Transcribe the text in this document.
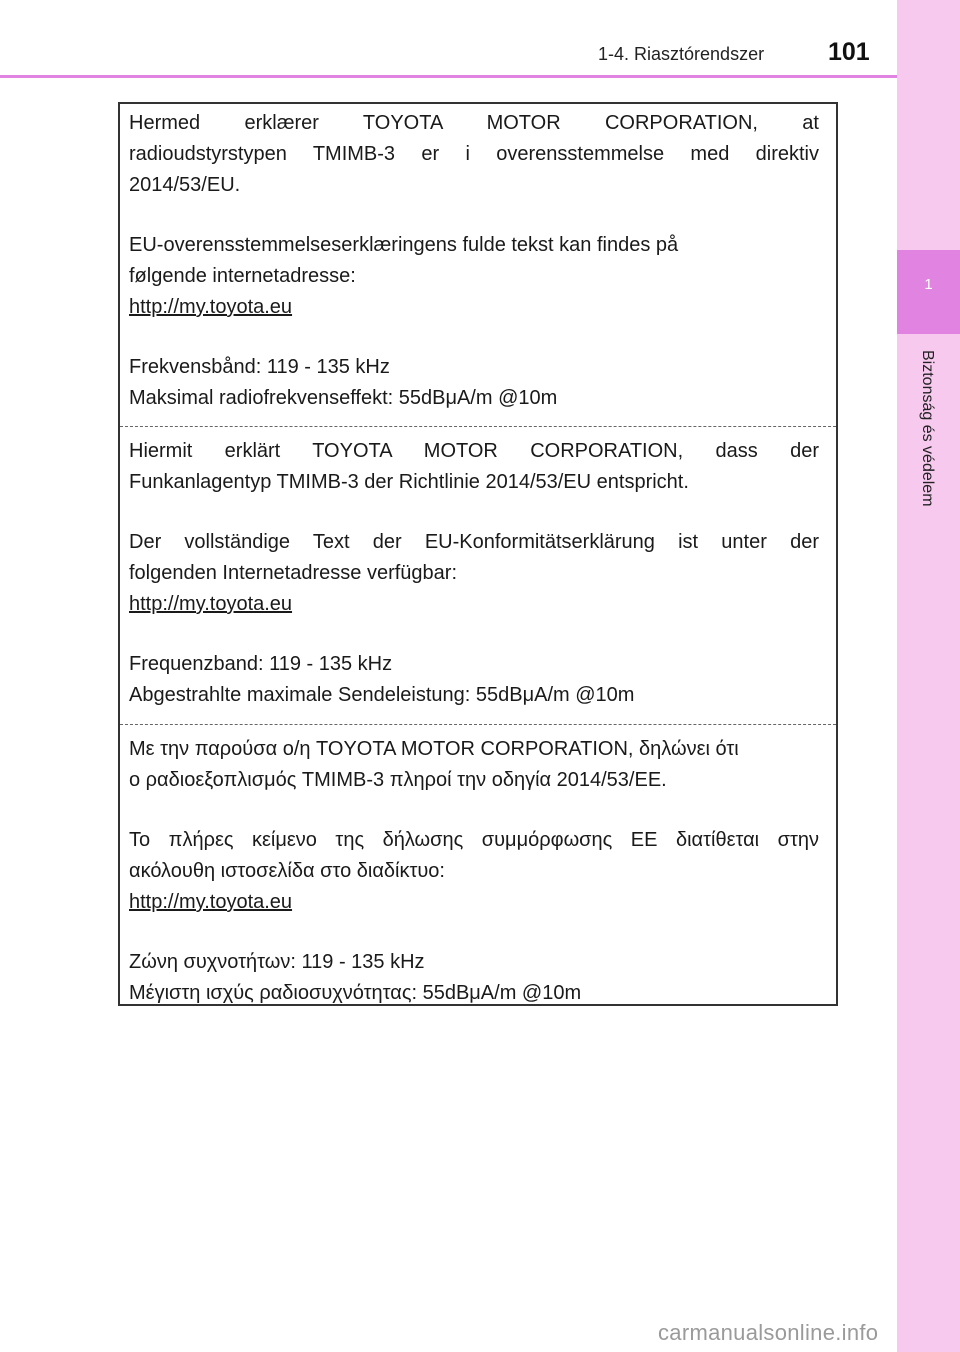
1-4. Riasztórendszer	101
1
Biztonság és védelem

Hermed erklærer TOYOTA MOTOR CORPORATION, at

radioudstyrstypen TMIMB-3 er i overensstemmelse med direktiv

2014/53/EU.

EU-overensstemmelseserklæringens fulde tekst kan findes på

følgende internetadresse:

http://my.toyota.eu

Frekvensbånd: 119 - 135 kHz

Maksimal radiofrekvenseffekt: 55dBμA/m @10m

Hiermit erklärt TOYOTA MOTOR CORPORATION, dass der

Funkanlagentyp TMIMB-3 der Richtlinie 2014/53/EU entspricht.

Der vollständige Text der EU-Konformitätserklärung ist unter der

folgenden Internetadresse verfügbar:

http://my.toyota.eu

Frequenzband: 119 - 135 kHz

Abgestrahlte maximale Sendeleistung: 55dBμA/m @10m

Με την παρούσα ο/η TOYOTA MOTOR CORPORATION, δηλώνει ότι

ο ραδιοεξοπλισμός TMIMB-3 πληροί την οδηγία 2014/53/ΕΕ.

Το πλήρες κείμενο της δήλωσης συμμόρφωσης ΕΕ διατίθεται στην

ακόλουθη ιστοσελίδα στο διαδίκτυο:

http://my.toyota.eu

Ζώνη συχνοτήτων: 119 - 135 kHz

Μέγιστη ισχύς ραδιοσυχνότητας: 55dBμA/m @10m

carmanualsonline.info
